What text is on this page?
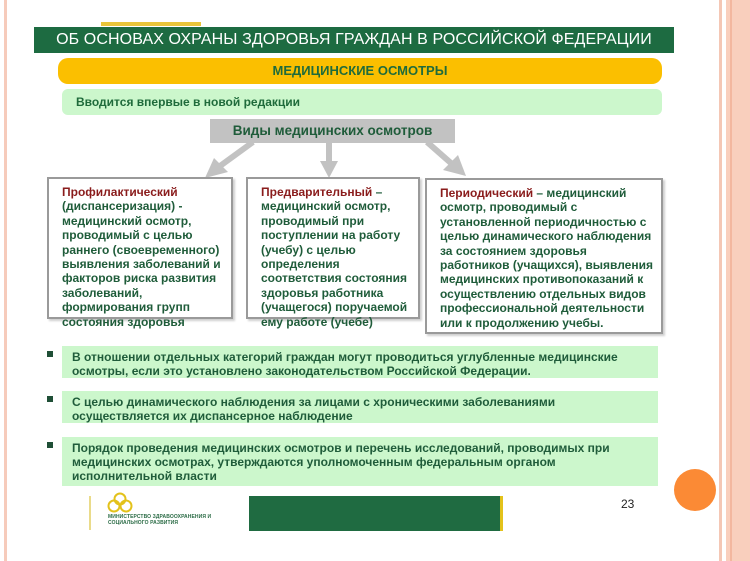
ОБ ОСНОВАХ ОХРАНЫ ЗДОРОВЬЯ ГРАЖДАН В РОССИЙСКОЙ ФЕДЕРАЦИИ
МЕДИЦИНСКИЕ ОСМОТРЫ
Вводится впервые в новой редакции
Виды медицинских осмотров
Профилактический (диспансеризация) - медицинский осмотр, проводимый с целью раннего (своевременного) выявления заболеваний и факторов риска развития заболеваний, формирования групп состояния здоровья
Предварительный – медицинский осмотр, проводимый при поступлении на работу (учебу) с целью определения соответствия состояния здоровья работника (учащегося) поручаемой ему работе (учебе)
Периодический – медицинский осмотр, проводимый с установленной периодичностью с целью динамического наблюдения за состоянием здоровья работников (учащихся), выявления медицинских противопоказаний к осуществлению отдельных видов профессиональной деятельности или к продолжению учебы.
В отношении отдельных категорий граждан могут проводиться углубленные медицинские осмотры, если это установлено законодательством Российской Федерации.
С целью динамического наблюдения за лицами с хроническими заболеваниями осуществляется их диспансерное наблюдение
Порядок проведения медицинских осмотров и перечень исследований, проводимых при медицинских осмотрах, утверждаются уполномоченным федеральным органом исполнительной власти
МИНИСТЕРСТВО ЗДРАВООХРАНЕНИЯ И СОЦИАЛЬНОГО РАЗВИТИЯ
23
